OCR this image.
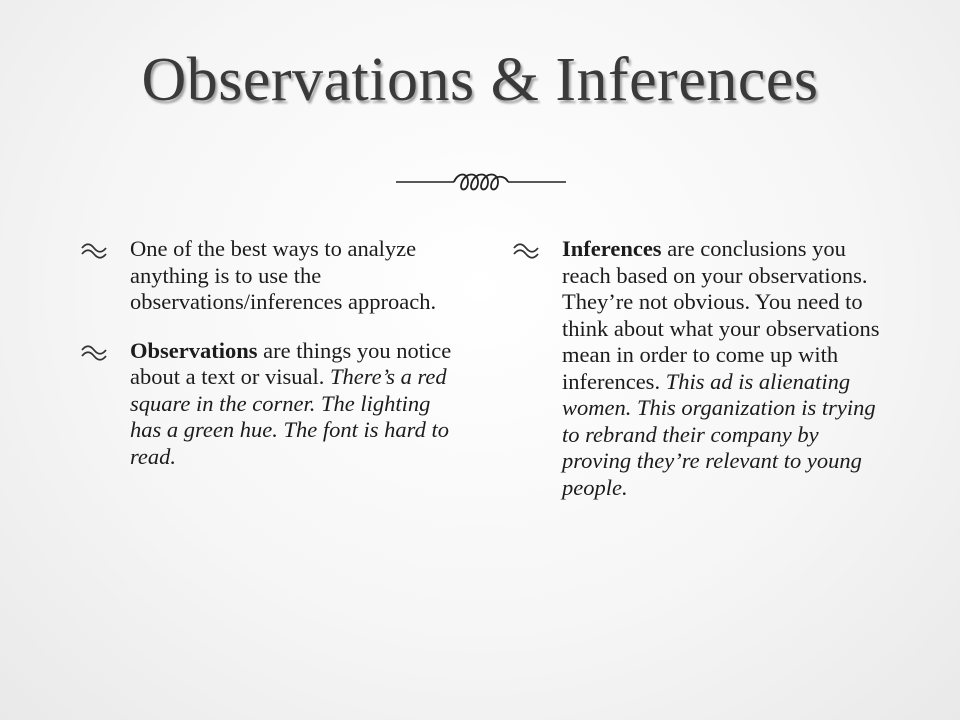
Observations & Inferences
One of the best ways to analyze anything is to use the observations/inferences approach.
Observations are things you notice about a text or visual. There’s a red square in the corner. The lighting has a green hue. The font is hard to read.
Inferences are conclusions you reach based on your observations. They’re not obvious. You need to think about what your observations mean in order to come up with inferences. This ad is alienating women. This organization is trying to rebrand their company by proving they’re relevant to young people.
